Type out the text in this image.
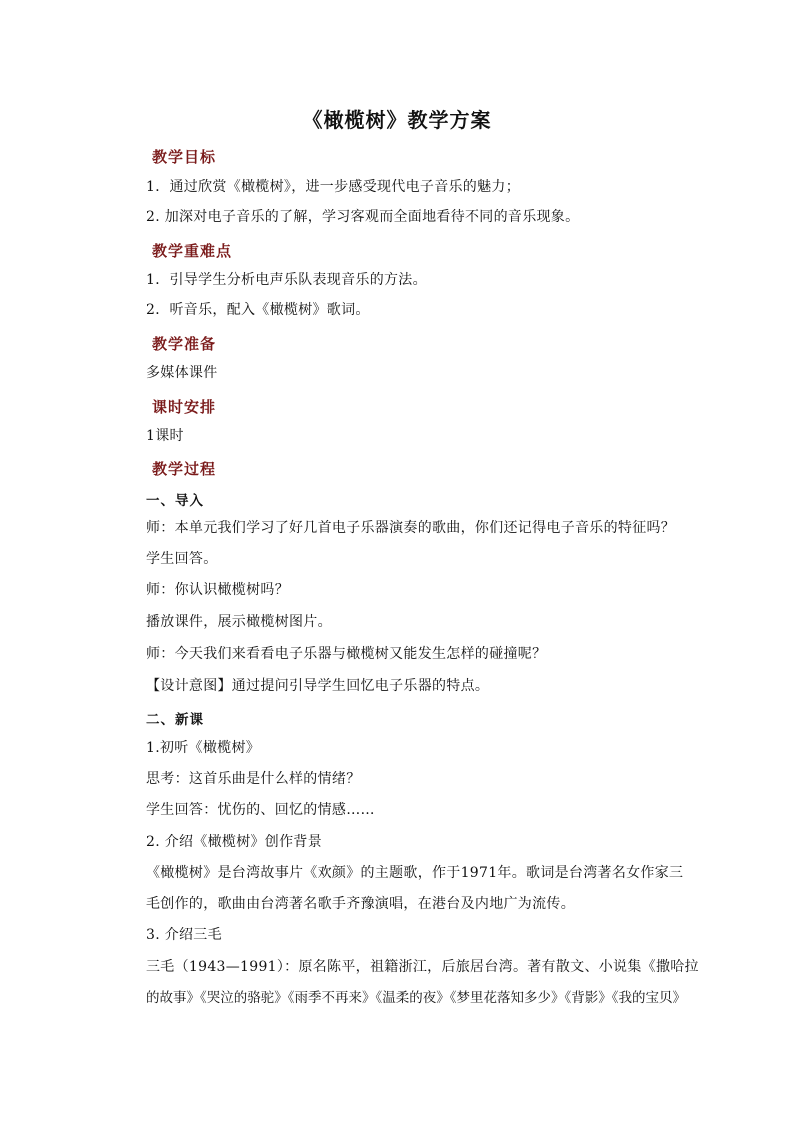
《橄榄树》教学方案
教学目标
1．通过欣赏《橄榄树》，进一步感受现代电子音乐的魅力；
2. 加深对电子音乐的了解，学习客观而全面地看待不同的音乐现象。
教学重难点
1．引导学生分析电声乐队表现音乐的方法。
2．听音乐，配入《橄榄树》歌词。
教学准备
多媒体课件
课时安排
1课时
教学过程
一、导入
师：本单元我们学习了好几首电子乐器演奏的歌曲，你们还记得电子音乐的特征吗？
学生回答。
师：你认识橄榄树吗？
播放课件，展示橄榄树图片。
师：今天我们来看看电子乐器与橄榄树又能发生怎样的碰撞呢？
【设计意图】通过提问引导学生回忆电子乐器的特点。
二、新课
1.初听《橄榄树》
思考：这首乐曲是什么样的情绪？
学生回答：忧伤的、回忆的情感……
2. 介绍《橄榄树》创作背景
《橄榄树》是台湾故事片《欢颜》的主题歌，作于1971年。歌词是台湾著名女作家三
毛创作的，歌曲由台湾著名歌手齐豫演唱，在港台及内地广为流传。
3. 介绍三毛
三毛（1943—1991）：原名陈平，祖籍浙江，后旅居台湾。著有散文、小说集《撒哈拉
的故事》《哭泣的骆驼》《雨季不再来》《温柔的夜》《梦里花落知多少》《背影》《我的宝贝》
